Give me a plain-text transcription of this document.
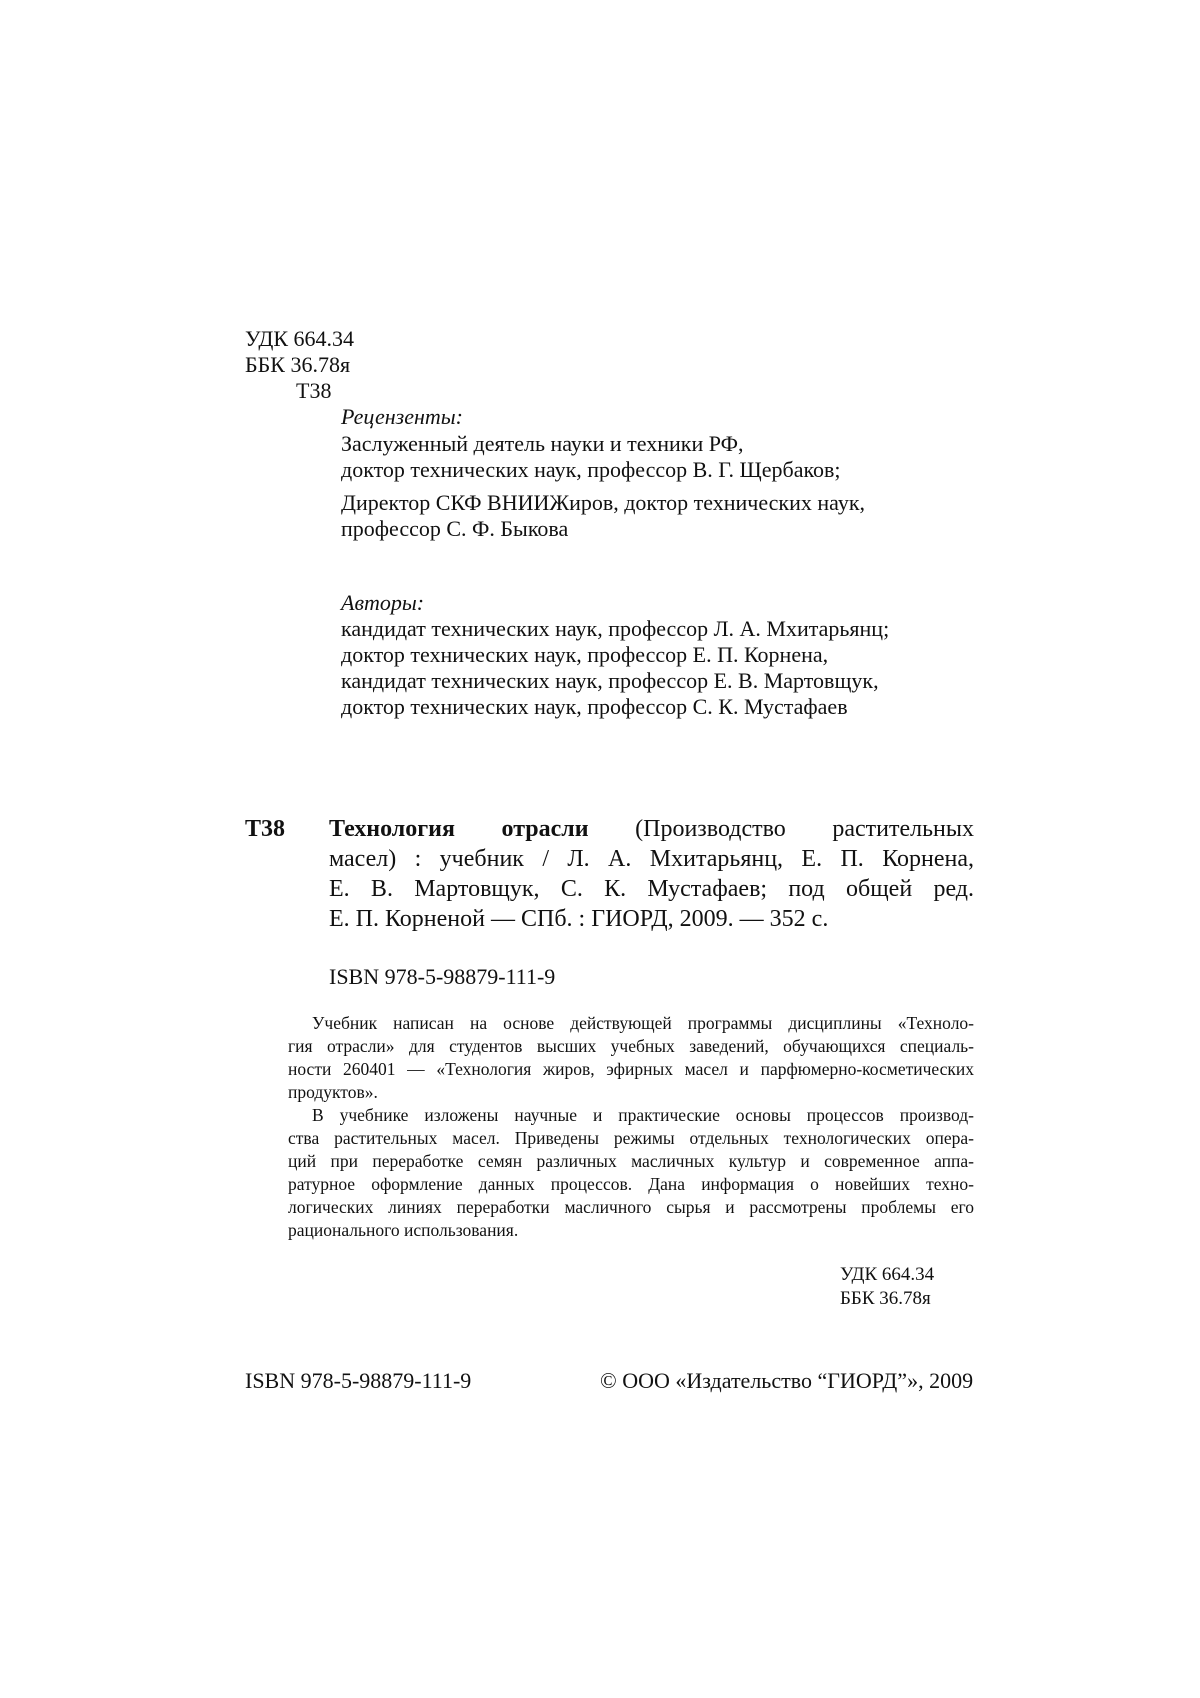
УДК 664.34
ББК 36.78я
Т38
Рецензенты:
Заслуженный деятель науки и техники РФ,
доктор технических наук, профессор В. Г. Щербаков;
Директор СКФ ВНИИЖиров, доктор технических наук,
профессор С. Ф. Быкова
Авторы:
кандидат технических наук, профессор Л. А. Мхитарьянц;
доктор технических наук, профессор Е. П. Корнена,
кандидат технических наук, профессор Е. В. Мартовщук,
доктор технических наук, профессор С. К. Мустафаев
Т38 Технология отрасли (Производство растительных
масел) : учебник / Л. А. Мхитарьянц, Е. П. Корнена,
Е. В. Мартовщук, С. К. Мустафаев; под общей ред.
Е. П. Корненой — СПб. : ГИОРД, 2009. — 352 с.
ISBN 978-5-98879-111-9
Учебник написан на основе действующей программы дисциплины «Техноло-
гия отрасли» для студентов высших учебных заведений, обучающихся специаль-
ности 260401 — «Технология жиров, эфирных масел и парфюмерно-косметических
продуктов».
В учебнике изложены научные и практические основы процессов производ-
ства растительных масел. Приведены режимы отдельных технологических опера-
ций при переработке семян различных масличных культур и современное аппа-
ратурное оформление данных процессов. Дана информация о новейших техно-
логических линиях переработки масличного сырья и рассмотрены проблемы его
рационального использования.
УДК 664.34
ББК 36.78я
ISBN 978-5-98879-111-9	© ООО «Издательство “ГИОРД”», 2009
